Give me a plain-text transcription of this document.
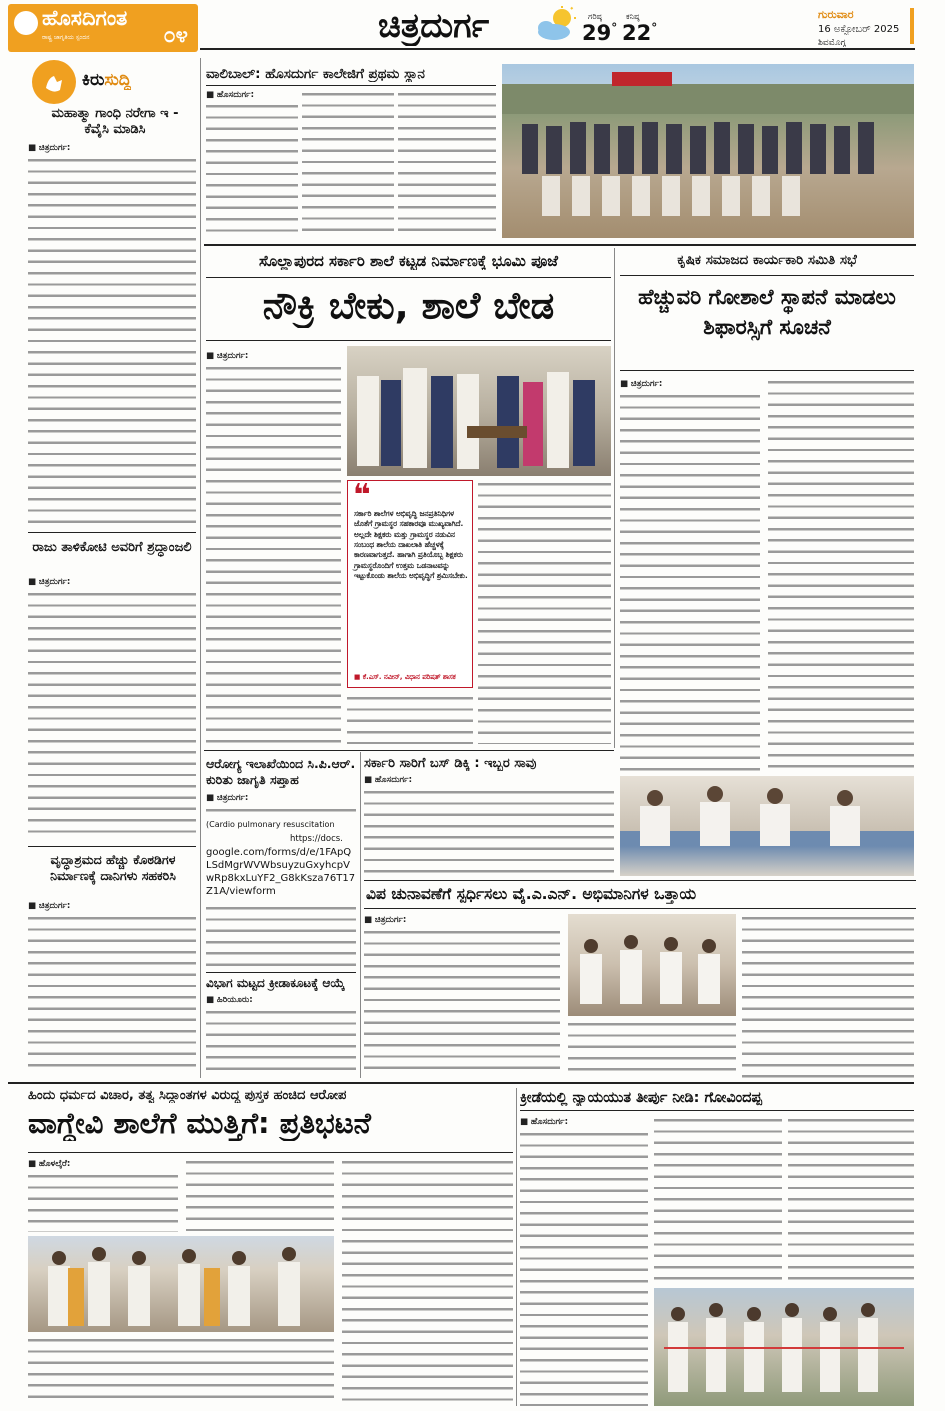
ಹೊಸದಿಗಂತ
ರಾಷ್ಟ್ರ ಜಾಗೃತಿಯ ಸ್ಪಂದನ	೦೪	ಚಿತ್ರದುರ್ಗ	ಗರಿಷ್ಠ
29°
ಕನಿಷ್ಠ
22°
ಗುರುವಾರ
16 ಅಕ್ಟೋಬರ್ 2025
ಶಿವಮೊಗ್ಗ
ಕಿರುಸುದ್ದಿ
ಮಹಾತ್ಮಾ ಗಾಂಧಿ ನರೇಗಾ ಇ - ಕೆವೈಸಿ ಮಾಡಿಸಿ
■ ಚಿತ್ರದುರ್ಗ:
ರಾಜು ತಾಳಿಕೋಟಿ ಅವರಿಗೆ ಶ್ರದ್ಧಾಂಜಲಿ
■ ಚಿತ್ರದುರ್ಗ:
ವೃದ್ಧಾಶ್ರಮದ ಹೆಚ್ಚು ಕೊಠಡಿಗಳ ನಿರ್ಮಾಣಕ್ಕೆ ದಾನಿಗಳು ಸಹಕರಿಸಿ
■ ಚಿತ್ರದುರ್ಗ:
ವಾಲಿಬಾಲ್: ಹೊಸದುರ್ಗ ಕಾಲೇಜಿಗೆ ಪ್ರಥಮ ಸ್ಥಾನ
■ ಹೊಸದುರ್ಗ:
ಸೊಲ್ಲಾಪುರದ ಸರ್ಕಾರಿ ಶಾಲೆ ಕಟ್ಟಡ ನಿರ್ಮಾಣಕ್ಕೆ ಭೂಮಿ ಪೂಜೆ
ನೌಕ್ರಿ ಬೇಕು, ಶಾಲೆ ಬೇಡ
■ ಚಿತ್ರದುರ್ಗ:
❝
ಸರ್ಕಾರಿ ಶಾಲೆಗಳ ಅಭಿವೃದ್ಧಿ ಜನಪ್ರತಿನಿಧಿಗಳ ಜೊತೆಗೆ ಗ್ರಾಮಸ್ಥರ ಸಹಕಾರವೂ ಮುಖ್ಯವಾಗಿದೆ. ಅಲ್ಲದೇ ಶಿಕ್ಷಕರು ಮತ್ತು ಗ್ರಾಮಸ್ಥರ ನಡುವಿನ ಸಂಬಂಧ ಶಾಲೆಯ ದಾಖಲಾತಿ ಹೆಚ್ಚಳಕ್ಕೆ ಕಾರಣವಾಗುತ್ತದೆ. ಹಾಗಾಗಿ ಪ್ರತಿಯೊಬ್ಬ ಶಿಕ್ಷಕರು ಗ್ರಾಮಸ್ಥರೊಂದಿಗೆ ಉತ್ತಮ ಒಡನಾಟವನ್ನು ಇಟ್ಟುಕೊಂಡು ಶಾಲೆಯ ಅಭಿವೃದ್ಧಿಗೆ ಶ್ರಮಿಸಬೇಕು.
■ ಕೆ.ಎಸ್. ನವೀನ್, ವಿಧಾನ ಪರಿಷತ್ ಶಾಸಕ
ಕೃಷಿಕ ಸಮಾಜದ ಕಾರ್ಯಕಾರಿ ಸಮಿತಿ ಸಭೆ
ಹೆಚ್ಚುವರಿ ಗೋಶಾಲೆ ಸ್ಥಾಪನೆ ಮಾಡಲು ಶಿಫಾರಸ್ಸಿಗೆ ಸೂಚನೆ
■ ಚಿತ್ರದುರ್ಗ:
ಆರೋಗ್ಯ ಇಲಾಖೆಯಿಂದ ಸಿ.ಪಿ.ಆರ್. ಕುರಿತು ಜಾಗೃತಿ ಸಪ್ತಾಹ
■ ಚಿತ್ರದುರ್ಗ:
(Cardio pulmonary resuscitation
https://docs.
google.com/forms/d/e/1FApQLSdMgrWVWbsuyzuGxyhcpVwRp8kxLuYF2_G8kKsza76T17Z1A/viewform
ವಿಭಾಗ ಮಟ್ಟದ ಕ್ರೀಡಾಕೂಟಕ್ಕೆ ಆಯ್ಕೆ
■ ಹಿರಿಯೂರು:
ಸರ್ಕಾರಿ ಸಾರಿಗೆ ಬಸ್ ಡಿಕ್ಕಿ : ಇಬ್ಬರ ಸಾವು
■ ಹೊಸದುರ್ಗ:
ವಿಪ ಚುನಾವಣೆಗೆ ಸ್ಪರ್ಧಿಸಲು ವೈ.ಎ.ಎನ್. ಅಭಿಮಾನಿಗಳ ಒತ್ತಾಯ
■ ಚಿತ್ರದುರ್ಗ:
ಹಿಂದು ಧರ್ಮದ ವಿಚಾರ, ತತ್ವ ಸಿದ್ಧಾಂತಗಳ ವಿರುದ್ಧ ಪುಸ್ತಕ ಹಂಚಿದ ಆರೋಪ
ವಾಗ್ದೇವಿ ಶಾಲೆಗೆ ಮುತ್ತಿಗೆ: ಪ್ರತಿಭಟನೆ
■ ಹೊಳಲ್ಕೆರೆ:
ಕ್ರೀಡೆಯಲ್ಲಿ ನ್ಯಾಯಯುತ ತೀರ್ಪು ನೀಡಿ: ಗೋವಿಂದಪ್ಪ
■ ಹೊಸದುರ್ಗ:
